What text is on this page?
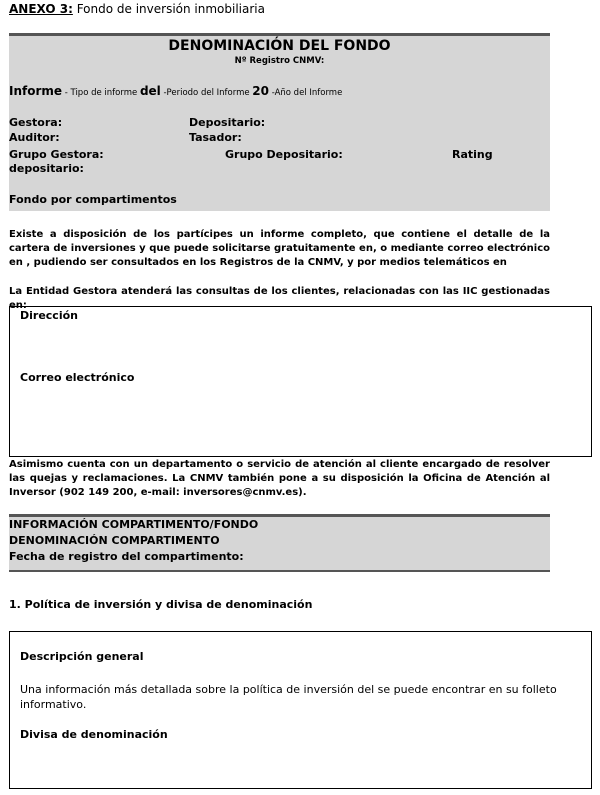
ANEXO 3: Fondo de inversión inmobiliaria
DENOMINACIÓN DEL FONDO
Nº Registro CNMV:
Informe - Tipo de informe del -Periodo del Informe 20 -Año del Informe
Gestora:	Depositario:
Auditor:	Tasador:
Grupo Gestora:	Grupo Depositario:	Rating
depositario:
Fondo por compartimentos
Existe a disposición de los partícipes un informe completo, que contiene el detalle de la cartera de inversiones y que puede solicitarse gratuitamente en, o mediante correo electrónico en , pudiendo ser consultados en los Registros de la CNMV, y por medios telemáticos en
La Entidad Gestora atenderá las consultas de los clientes, relacionadas con las IIC gestionadas en:
Dirección
Correo electrónico
Asimismo cuenta con un departamento o servicio de atención al cliente encargado de resolver las quejas y reclamaciones. La CNMV también pone a su disposición la Oficina de Atención al Inversor (902 149 200, e-mail: inversores@cnmv.es).
INFORMACIÓN COMPARTIMENTO/FONDO
DENOMINACIÓN COMPARTIMENTO
Fecha de registro del compartimento:
1. Política de inversión y divisa de denominación
Descripción general
Una información más detallada sobre la política de inversión del se puede encontrar en su folleto informativo.
Divisa de denominación
